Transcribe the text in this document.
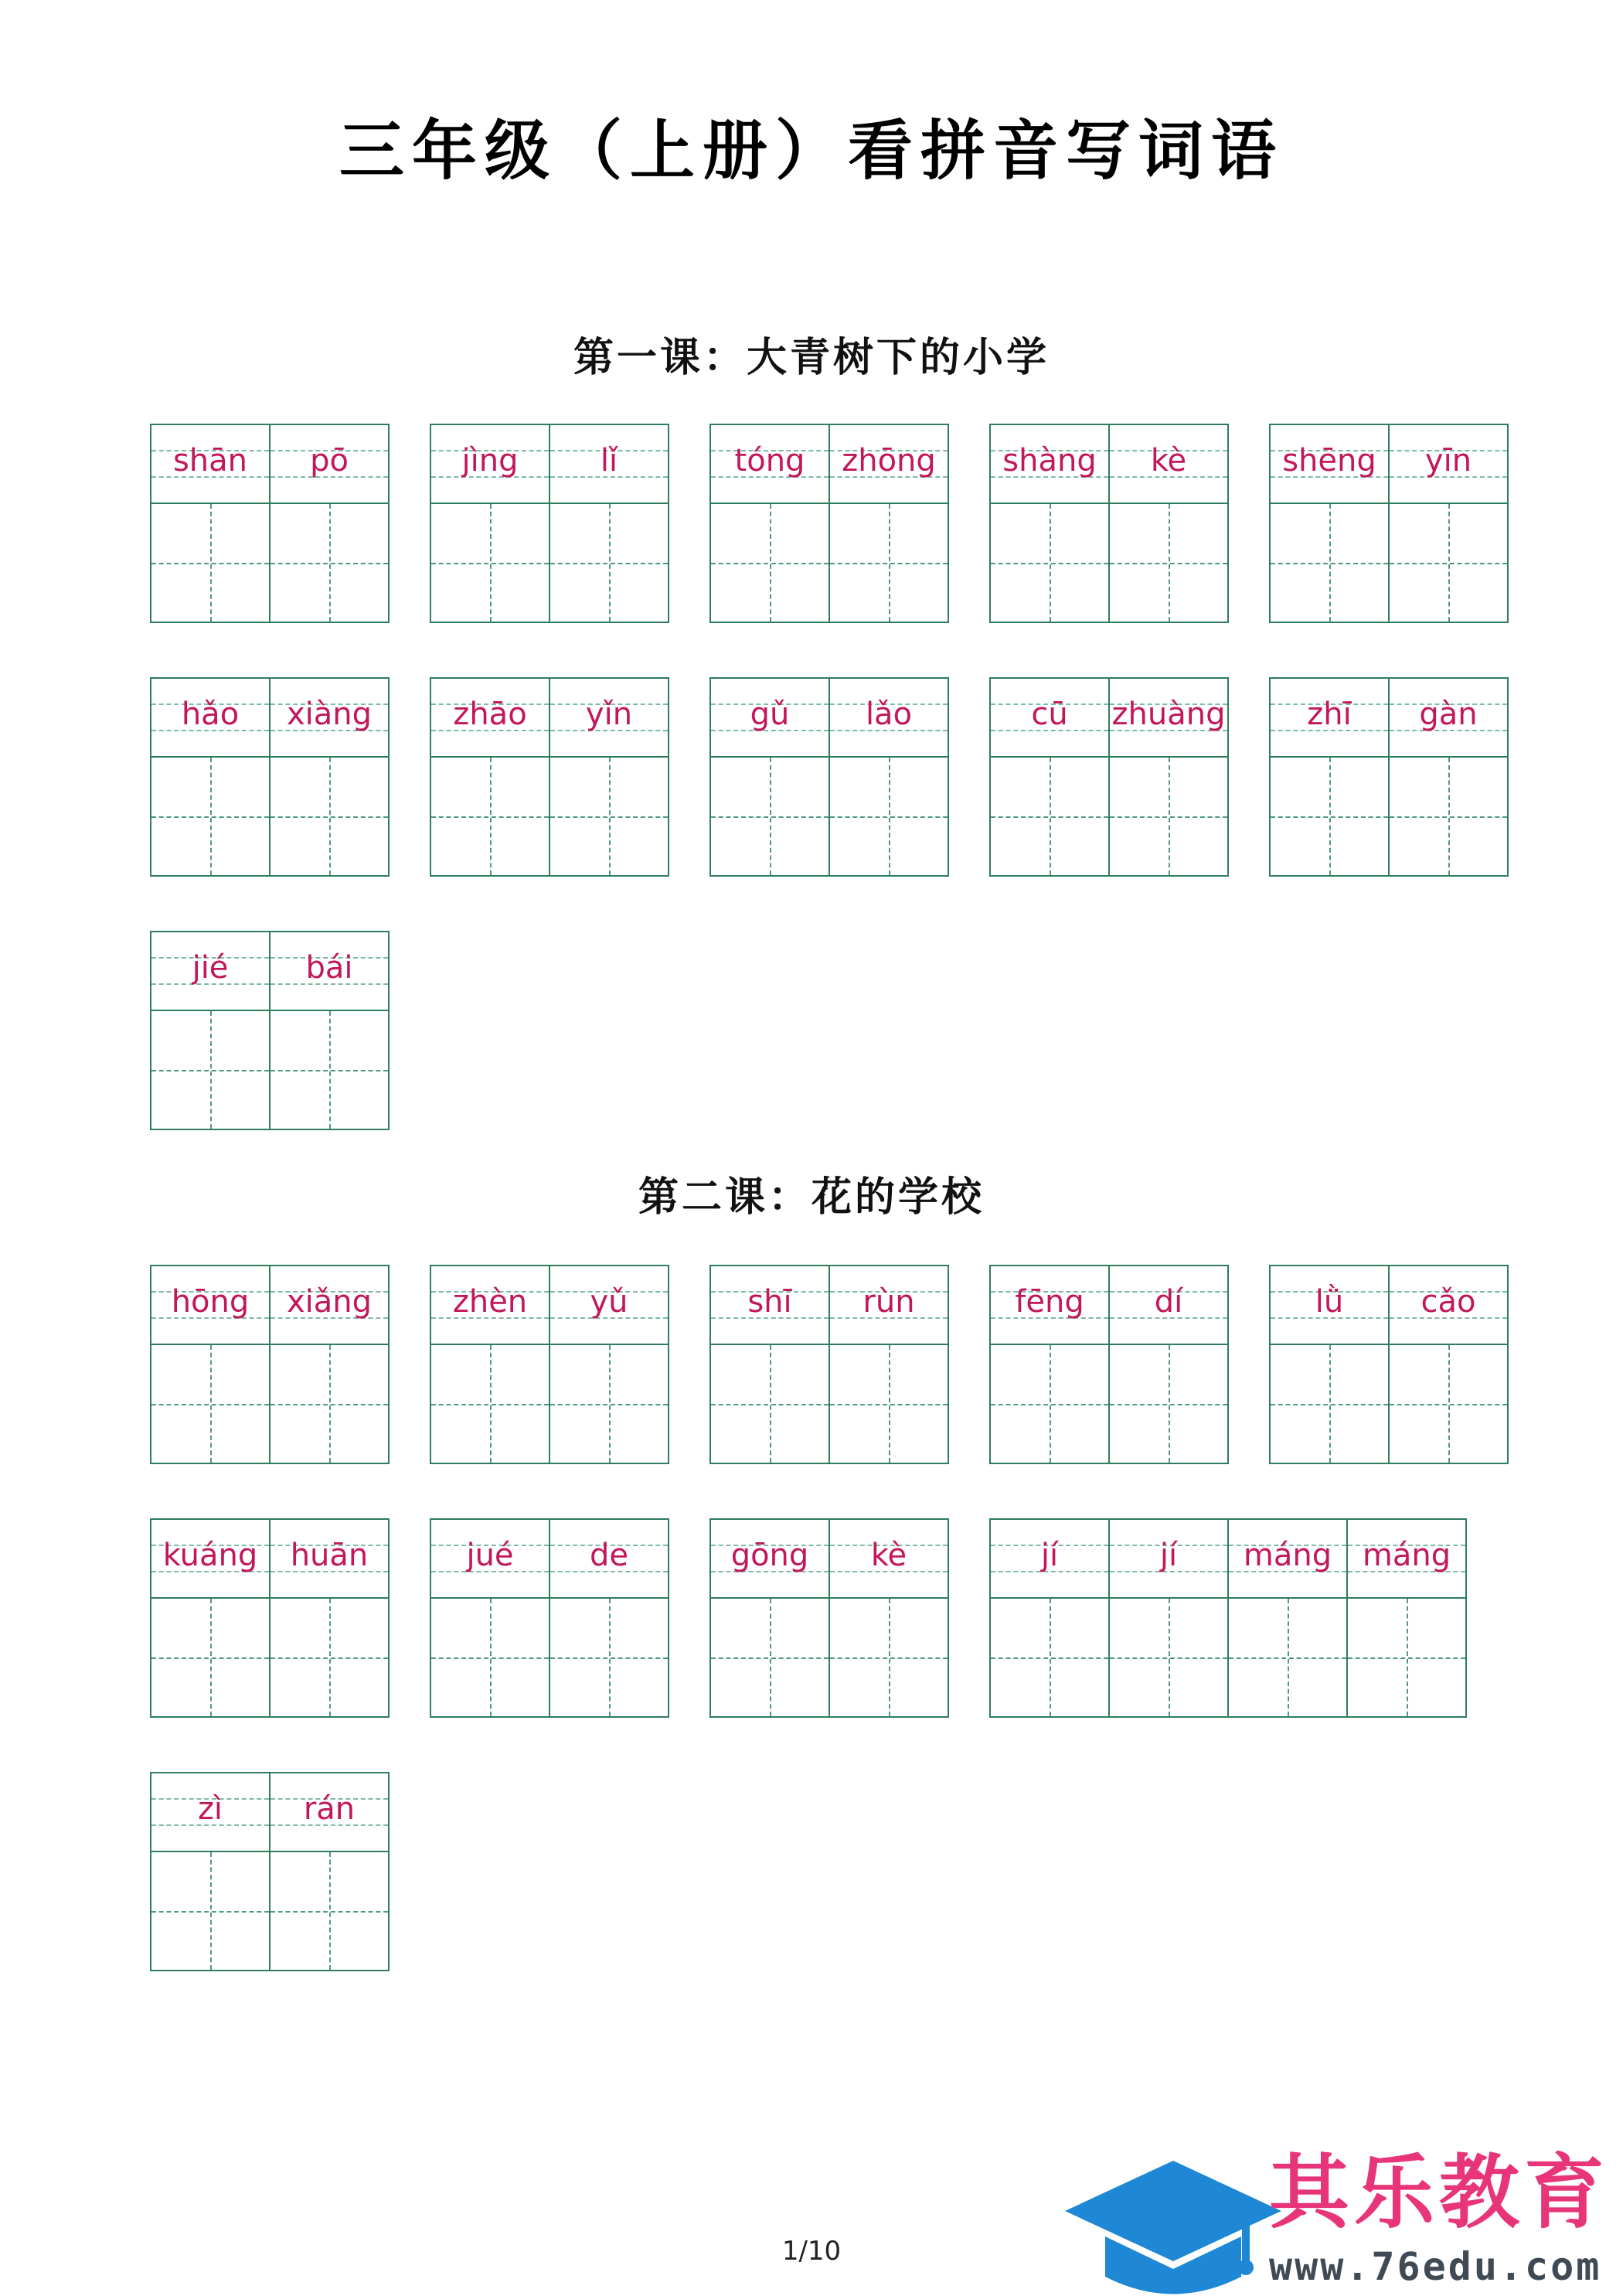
三年级（上册）看拼音写词语
第一课：大青树下的小学
shān	pō	jìng	lǐ	tóng	zhōng	shàng	kè	shēng	yīn
hǎo	xiàng	zhāo	yǐn	gǔ	lǎo	cū	zhuàng	zhī	gàn
jié	bái
第二课：花的学校
hōng	xiǎng	zhèn	yǔ	shī	rùn	fēng	dí	lǜ	cǎo
kuáng	huān	jué	de	gōng	kè	jí	jí	máng máng
zì	rán
1/10
其乐教育
www.76edu.com
